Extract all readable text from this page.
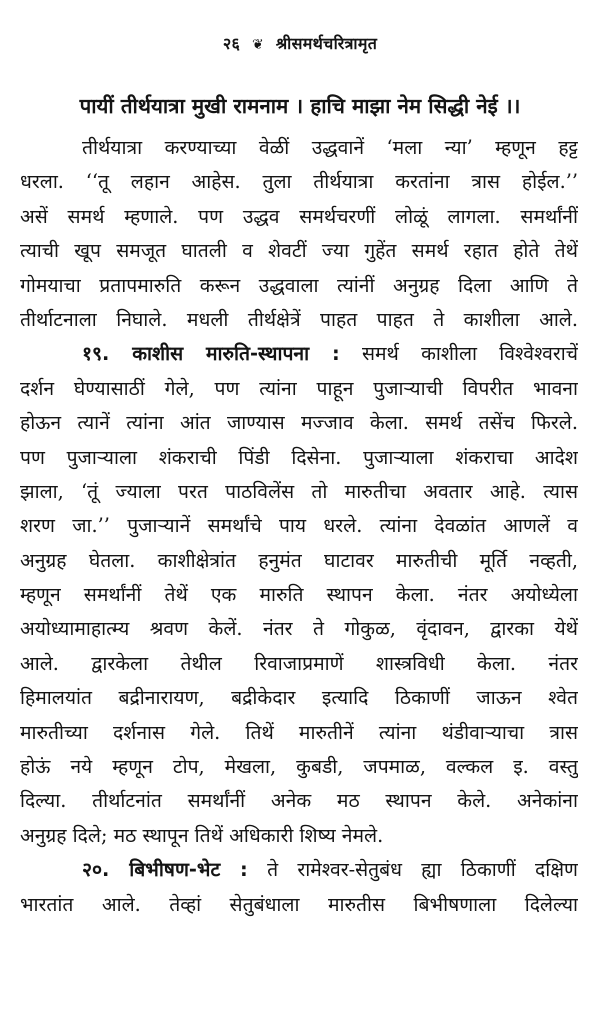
२६ ❦ श्रीसमर्थचरित्रामृत
पायीं तीर्थयात्रा मुखी रामनाम । हाचि माझा नेम सिद्धी नेई ।।
तीर्थयात्रा करण्याच्या वेळीं उद्धवानें ‘मला न्या’ म्हणून हट्ट
धरला. ‘‘तू लहान आहेस. तुला तीर्थयात्रा करतांना त्रास होईल.’’
असें समर्थ म्हणाले. पण उद्धव समर्थचरणीं लोळूं लागला. समर्थांनीं
त्याची खूप समजूत घातली व शेवटीं ज्या गुहेंत समर्थ रहात होते तेथें
गोमयाचा प्रतापमारुति करून उद्धवाला त्यांनीं अनुग्रह दिला आणि ते
तीर्थाटनाला निघाले. मधली तीर्थक्षेत्रें पाहत पाहत ते काशीला आले.
१९. काशीस मारुति-स्थापना : समर्थ काशीला विश्वेश्वराचें
दर्शन घेण्यासाठीं गेले, पण त्यांना पाहून पुजाऱ्याची विपरीत भावना
होऊन त्यानें त्यांना आंत जाण्यास मज्जाव केला. समर्थ तसेंच फिरले.
पण पुजाऱ्याला शंकराची पिंडी दिसेना. पुजाऱ्याला शंकराचा आदेश
झाला, ‘तूं ज्याला परत पाठविलेंस तो मारुतीचा अवतार आहे. त्यास
शरण जा.’’ पुजाऱ्यानें समर्थांचे पाय धरले. त्यांना देवळांत आणलें व
अनुग्रह घेतला. काशीक्षेत्रांत हनुमंत घाटावर मारुतीची मूर्ति नव्हती,
म्हणून समर्थांनीं तेथें एक मारुति स्थापन केला. नंतर अयोध्येला
अयोध्यामाहात्म्य श्रवण केलें. नंतर ते गोकुळ, वृंदावन, द्वारका येथें
आले. द्वारकेला तेथील रिवाजाप्रमाणें शास्त्रविधी केला. नंतर
हिमालयांत बद्रीनारायण, बद्रीकेदार इत्यादि ठिकाणीं जाऊन श्वेत
मारुतीच्या दर्शनास गेले. तिथें मारुतीनें त्यांना थंडीवाऱ्याचा त्रास
होऊं नये म्हणून टोप, मेखला, कुबडी, जपमाळ, वल्कल इ. वस्तु
दिल्या. तीर्थाटनांत समर्थांनीं अनेक मठ स्थापन केले. अनेकांना
अनुग्रह दिले; मठ स्थापून तिथें अधिकारी शिष्य नेमले.
२०. बिभीषण-भेट : ते रामेश्वर-सेतुबंध ह्या ठिकाणीं दक्षिण
भारतांत आले. तेव्हां सेतुबंधाला मारुतीस बिभीषणाला दिलेल्या
